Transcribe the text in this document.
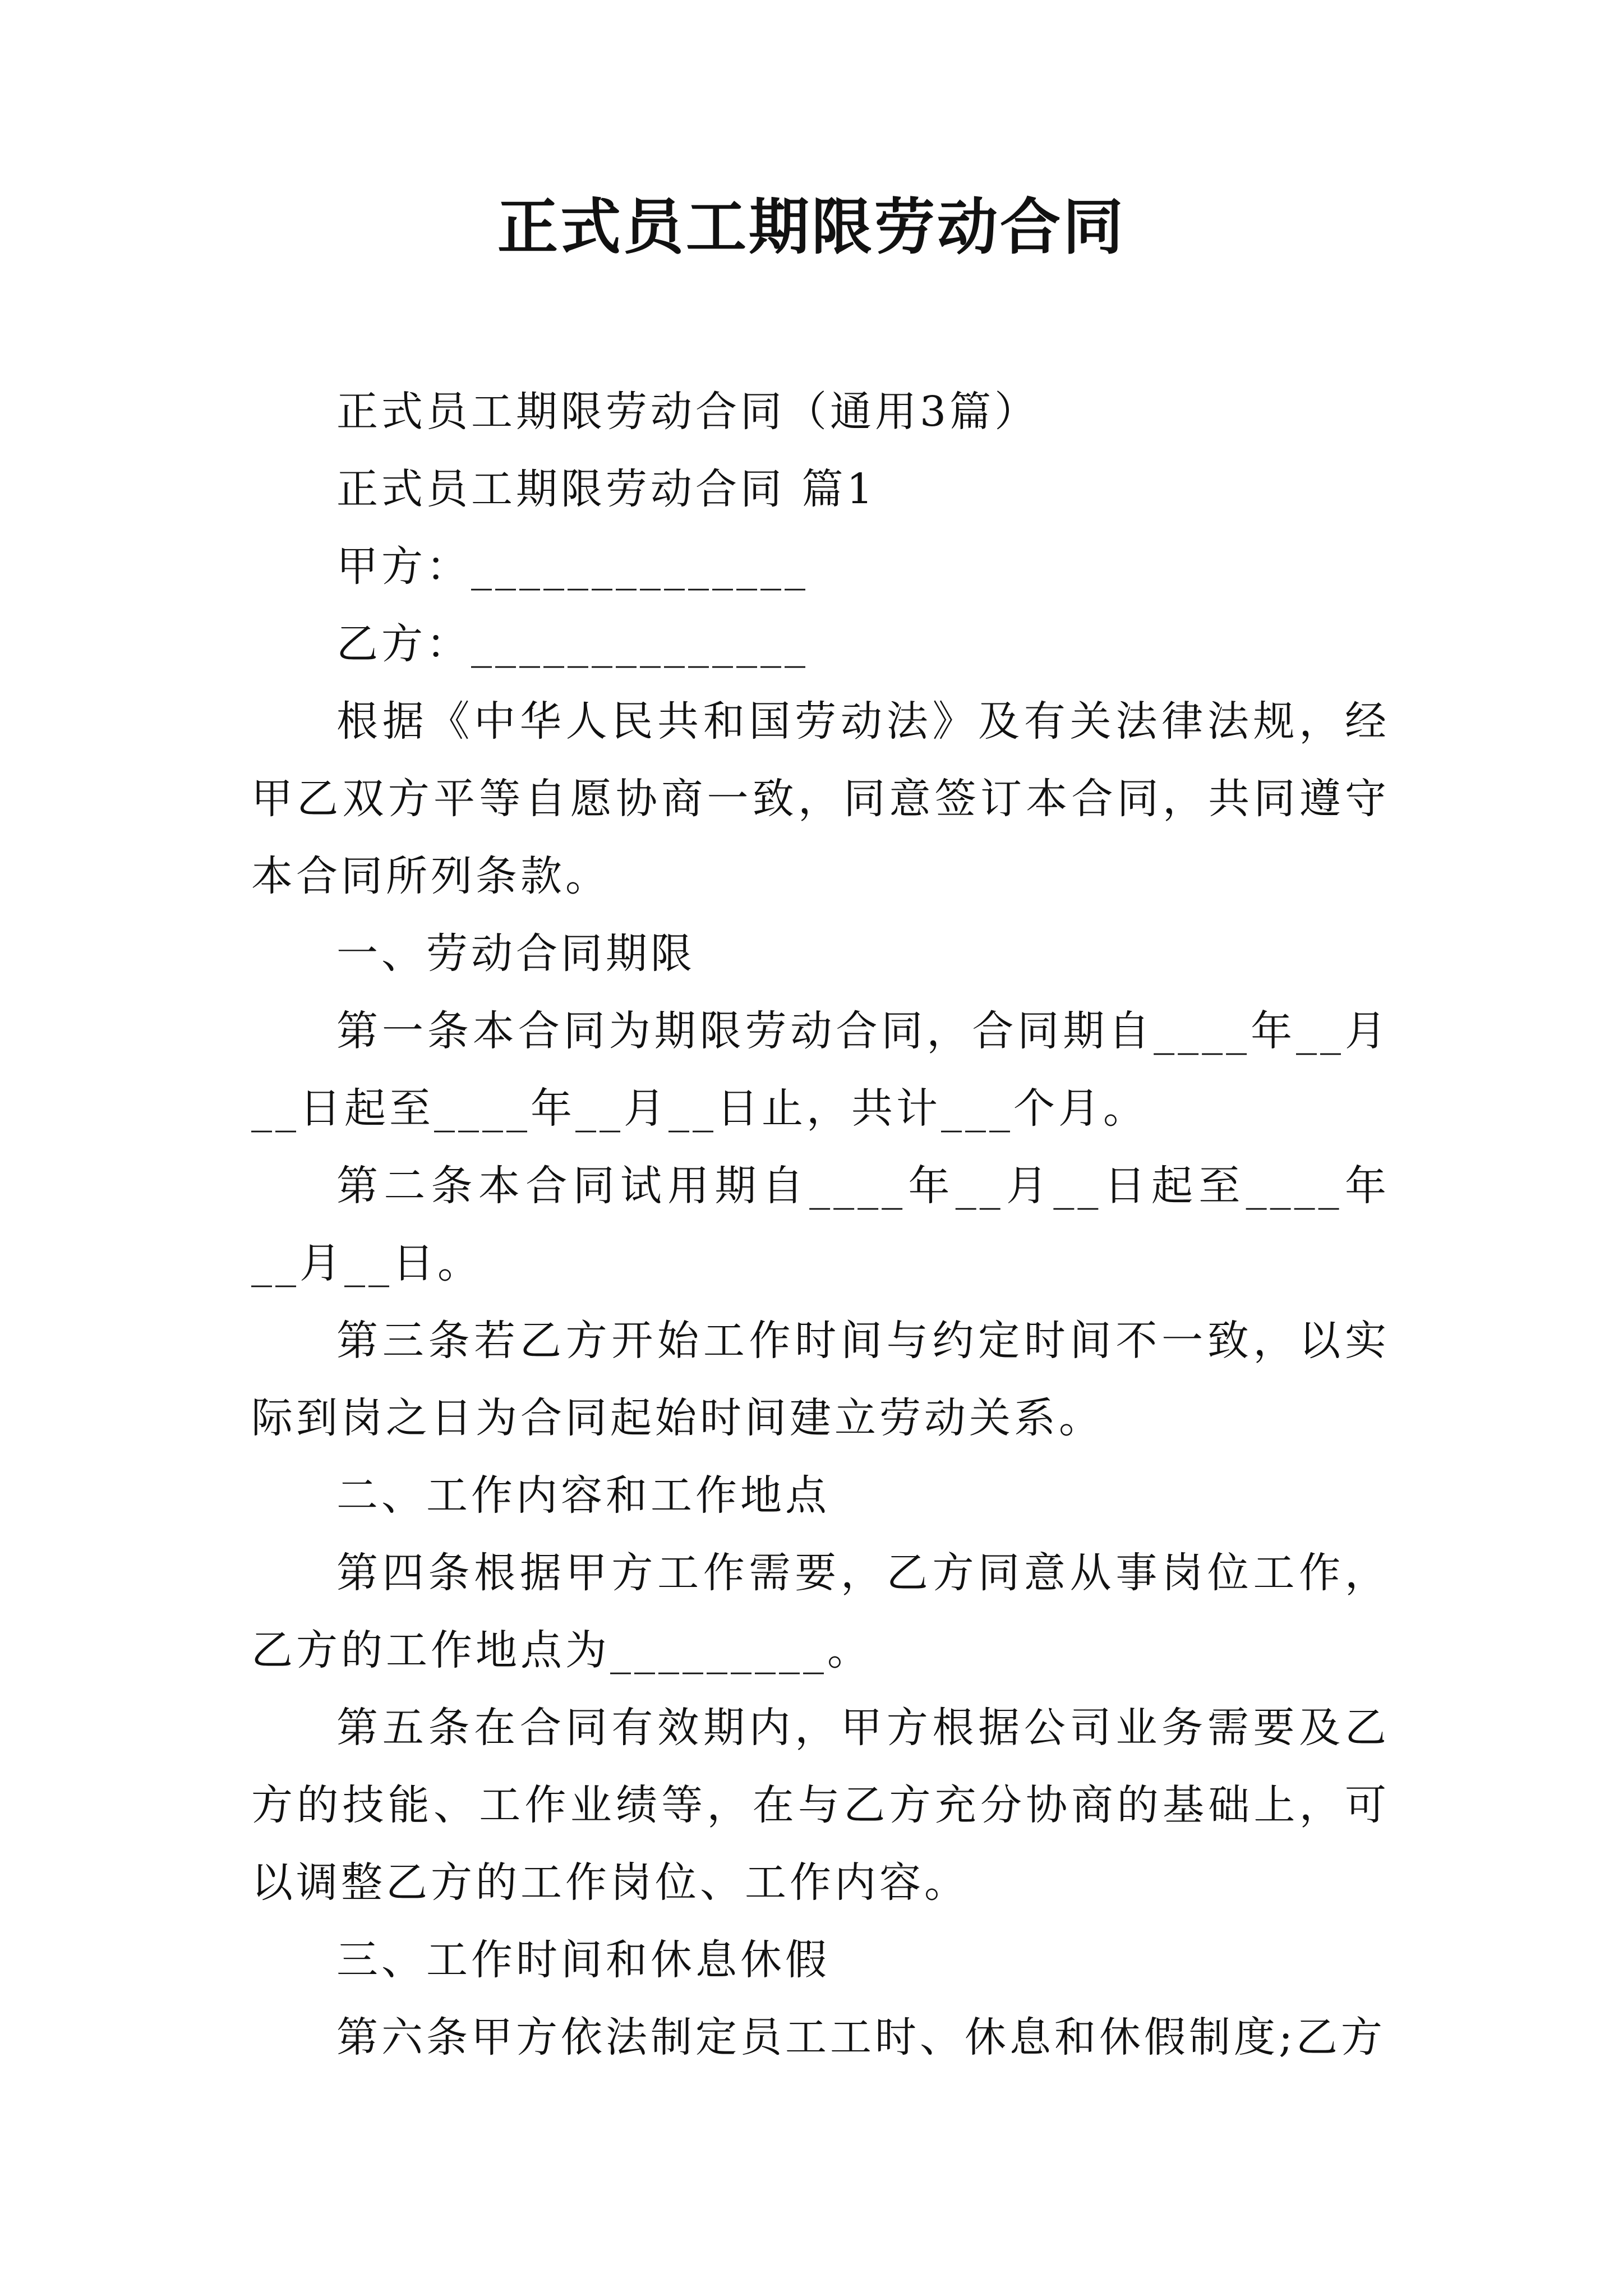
正式员工期限劳动合同

正式员工期限劳动合同（通用3篇）

正式员工期限劳动合同 篇1

甲方：______________

乙方：______________

根据《中华人民共和国劳动法》及有关法律法规，经甲乙双方平等自愿协商一致，同意签订本合同，共同遵守本合同所列条款。

一、劳动合同期限

第一条本合同为期限劳动合同，合同期自____年__月__日起至____年__月__日止，共计___个月。

第二条本合同试用期自____年__月__日起至____年__月__日。

第三条若乙方开始工作时间与约定时间不一致，以实际到岗之日为合同起始时间建立劳动关系。

二、工作内容和工作地点

第四条根据甲方工作需要，乙方同意从事岗位工作，乙方的工作地点为_________。

第五条在合同有效期内，甲方根据公司业务需要及乙方的技能、工作业绩等，在与乙方充分协商的基础上，可以调整乙方的工作岗位、工作内容。

三、工作时间和休息休假

第六条甲方依法制定员工工时、休息和休假制度;乙方
